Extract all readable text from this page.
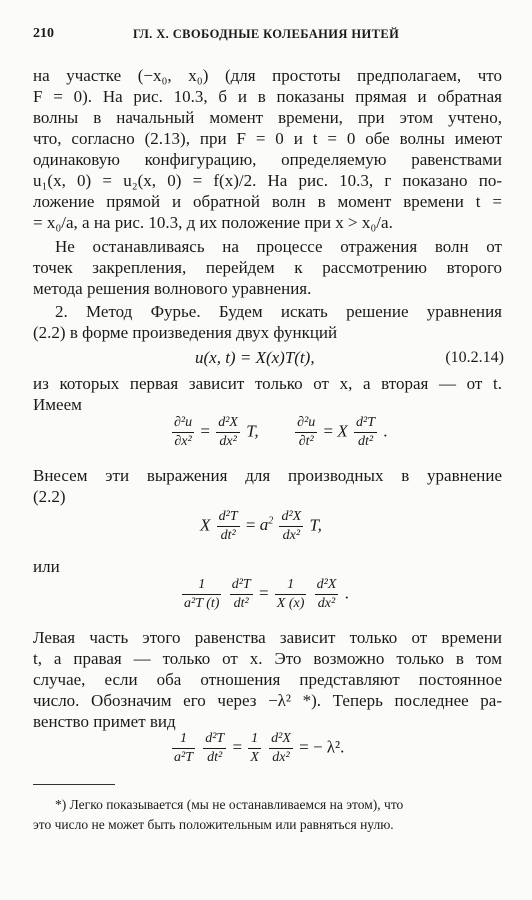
210	ГЛ. X. СВОБОДНЫЕ КОЛЕБАНИЯ НИТЕЙ
на участке (−x₀, x₀) (для простоты предполагаем, что
F = 0). На рис. 10.3, б и в показаны прямая и обратная
волны в начальный момент времени, при этом учтено,
что, согласно (2.13), при F = 0 и t = 0 обе волны имеют
одинаковую конфигурацию, определяемую равенствами
u₁(x, 0) = u₂(x, 0) = f(x)/2. На рис. 10.3, г показано по-
ложение прямой и обратной волн в момент времени t =
= x₀/a, а на рис. 10.3, д их положение при x > x₀/a.
Не останавливаясь на процессе отражения волн от
точек закрепления, перейдем к рассмотрению второго
метода решения волнового уравнения.
2. Метод Фурье. Будем искать решение уравнения
(2.2) в форме произведения двух функций
u(x, t) = X(x)T(t),	(10.2.14)
из которых первая зависит только от x, а вторая — от t.
Имеем
$\frac{\text{∂²u}}{\text{∂x²}} = \frac{\text{d²X}}{\text{dx²}} T$,	$\frac{\text{∂²u}}{\text{∂t²}} = X \frac{\text{d²T}}{\text{dt²}}$ .
Внесем эти выражения для производных в уравнение
(2.2)
X $\frac{\text{d²T}}{\text{dt²}} = a^2 \frac{\text{d²X}}{\text{dx²}} T$,
или
$\frac{1}{\text{a²T (t)}}$
$\frac{\text{d²T}}{\text{dt²}} = \frac{1}{X (x)}$
$\frac{\text{d²X}}{\text{dx²}}$ .
Левая часть этого равенства зависит только от времени
t, а правая — только от x. Это возможно только в том
случае, если оба отношения представляют постоянное
число. Обозначим его через −λ² *). Теперь последнее ра-
*) Легко показывается (мы не останавливаемся на этом), что
это число не может быть положительным или равняться нулю.
венство примет вид
$\frac{1}{\text{a²T}}$
$\frac{\text{d²T}}{\text{dt²}} = \frac{1}{X}$
$\frac{\text{d²X}}{\text{dx²}}$ = − λ².
